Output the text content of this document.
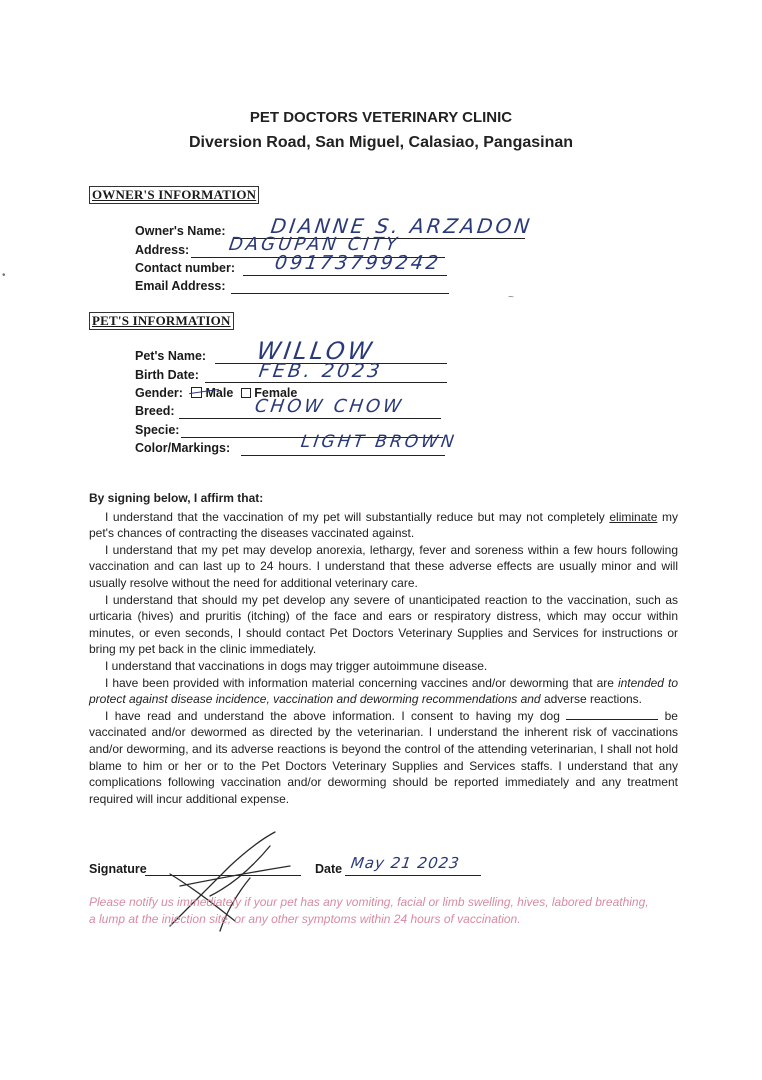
PET DOCTORS VETERINARY CLINIC
Diversion Road, San Miguel, Calasiao, Pangasinan
OWNER'S INFORMATION
Owner's Name: DIANNE S. ARZADON
Address: DAGUPAN CITY
Contact number: 09173799242
Email Address:
PET'S INFORMATION
Pet's Name: WILLOW
Birth Date:	FEB. 2023
Gender:	Male Female
Breed:	CHOW CHOW
Specie:
Color/Markings:	LIGHT BROWN
By signing below, I affirm that:

I understand that the vaccination of my pet will substantially reduce but may not completely eliminate my pet's chances of contracting the diseases vaccinated against.

I understand that my pet may develop anorexia, lethargy, fever and soreness within a few hours following vaccination and can last up to 24 hours. I understand that these adverse effects are usually minor and will usually resolve without the need for additional veterinary care.

I understand that should my pet develop any severe of unanticipated reaction to the vaccination, such as urticaria (hives) and pruritis (itching) of the face and ears or respiratory distress, which may occur within minutes, or even seconds, I should contact Pet Doctors Veterinary Supplies and Services for instructions or bring my pet back in the clinic immediately.

I understand that vaccinations in dogs may trigger autoimmune disease.

I have been provided with information material concerning vaccines and/or deworming that are intended to protect against disease incidence, vaccination and deworming recommendations and adverse reactions.

I have read and understand the above information. I consent to having my dog	be vaccinated and/or dewormed as directed by the veterinarian. I understand the inherent risk of vaccinations and/or deworming, and its adverse reactions is beyond the control of the attending veterinarian, I shall not hold blame to him or her or to the Pet Doctors Veterinary Supplies and Services staffs. I understand that any complications following vaccination and/or deworming should be reported immediately and any treatment required will incur additional expense.

Signature	Date May 21 2023
Please notify us immediately if your pet has any vomiting, facial or limb swelling, hives, labored breathing, a lump at the injection site, or any other symptoms within 24 hours of vaccination.
•
~
